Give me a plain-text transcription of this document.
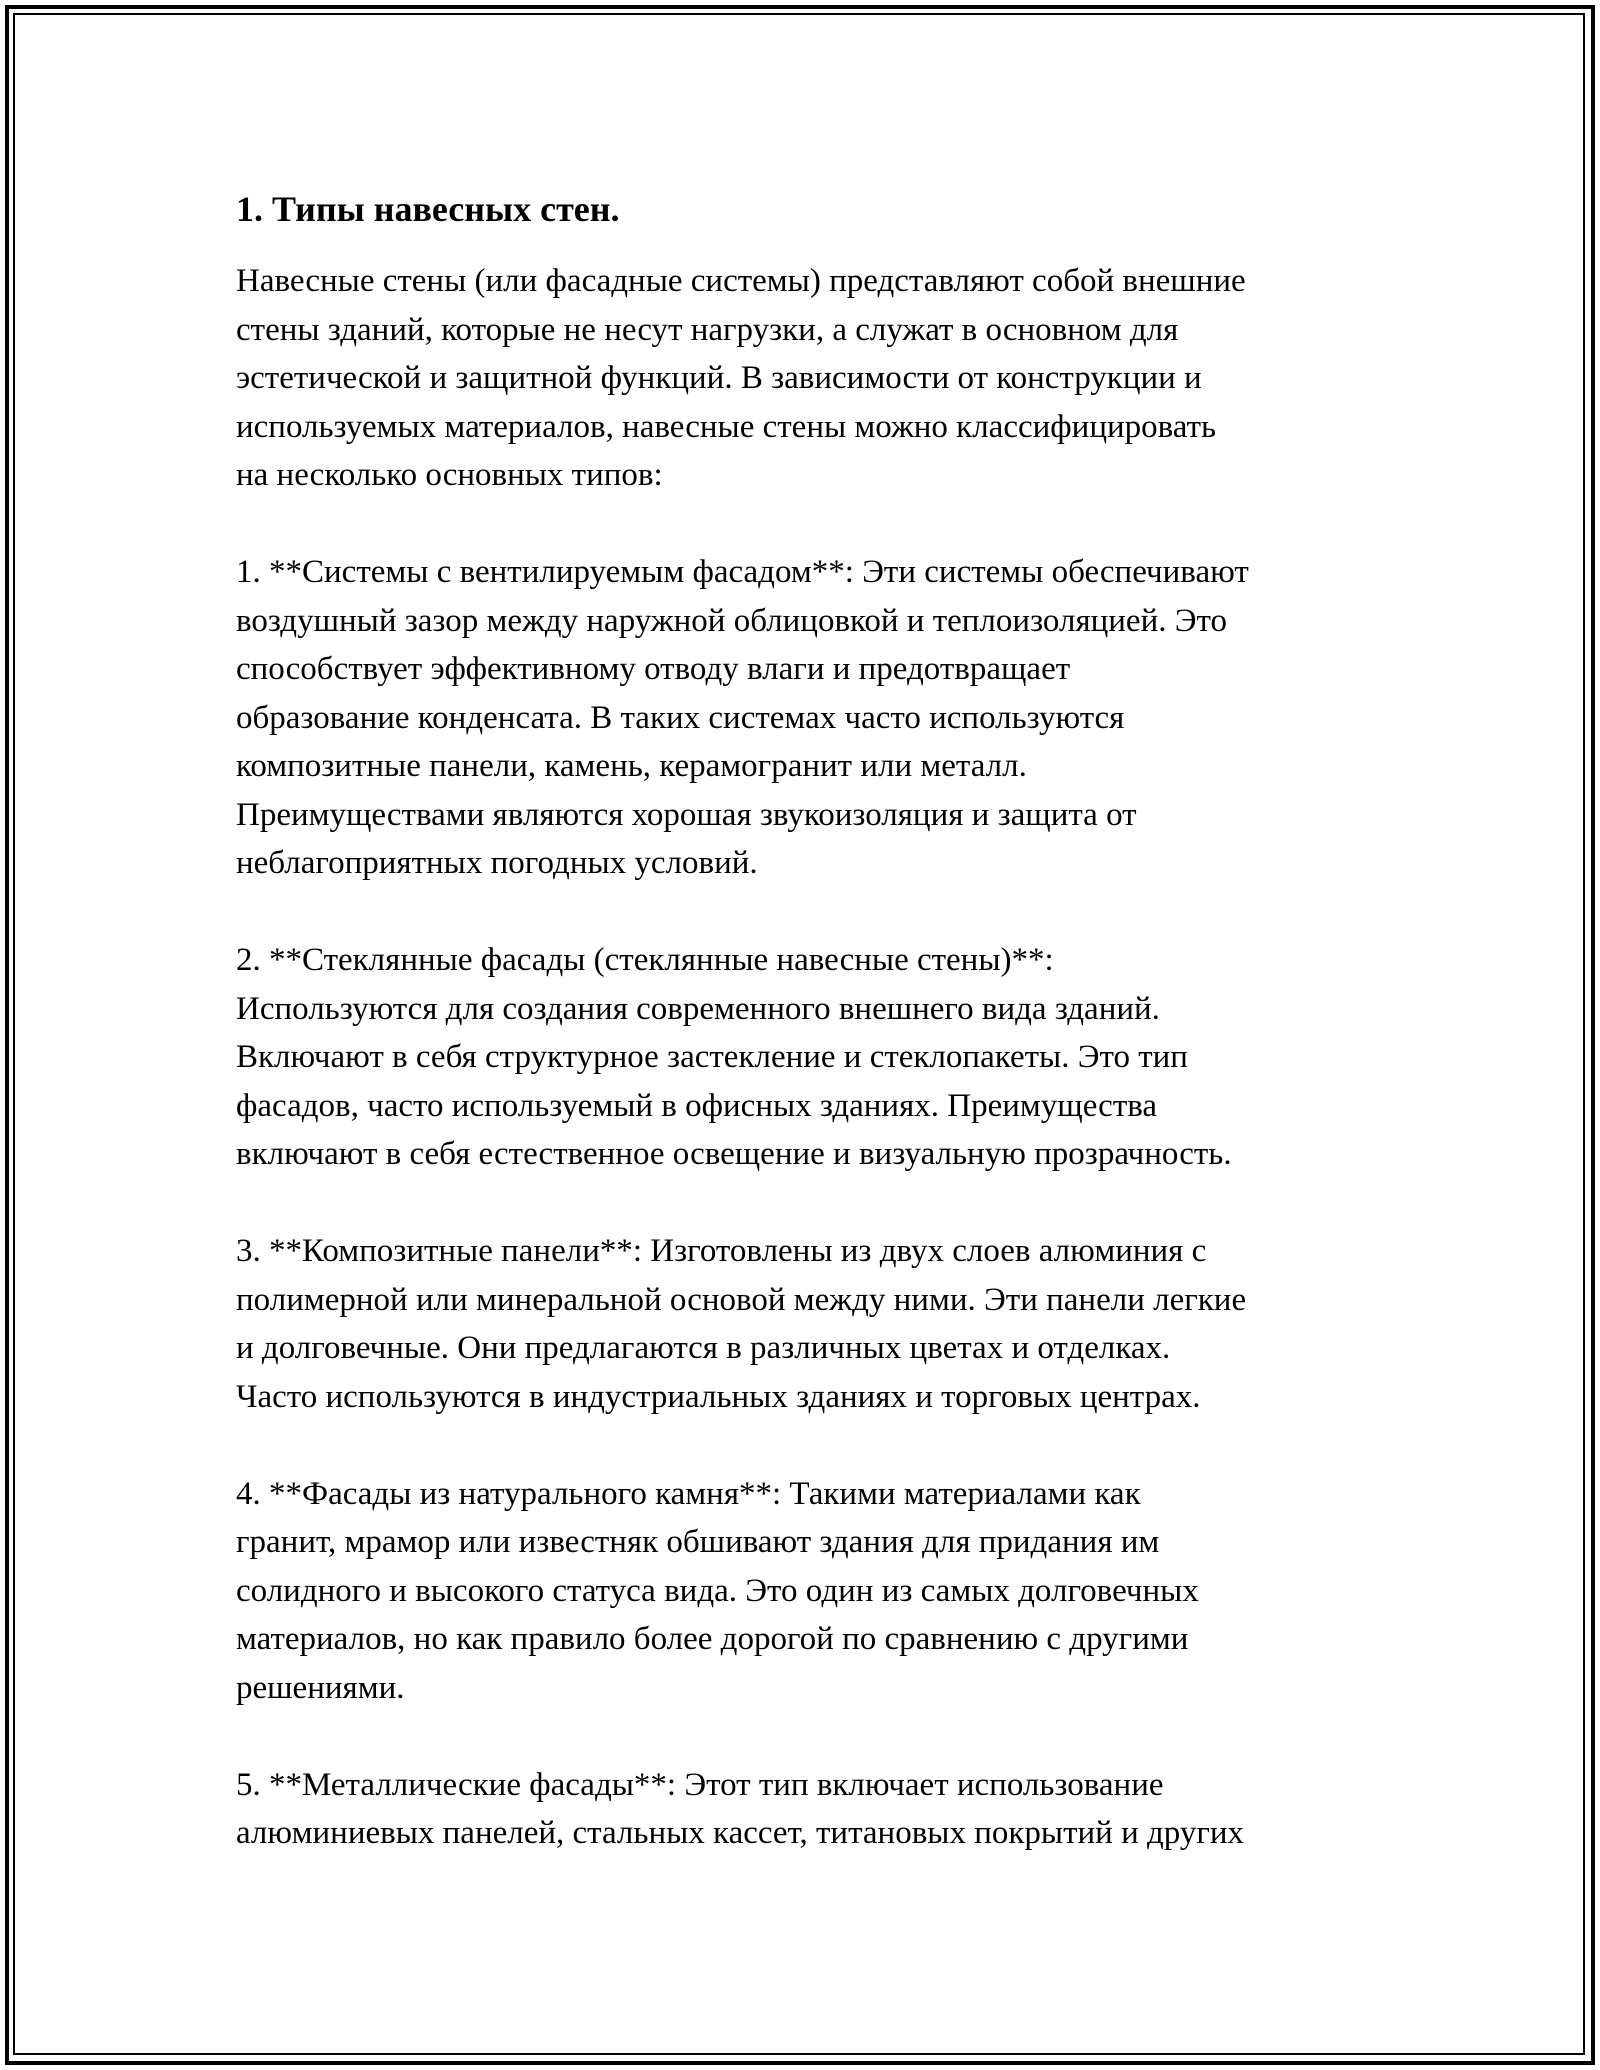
1. Типы навесных стен.

Навесные стены (или фасадные системы) представляют собой внешние
стены зданий, которые не несут нагрузки, а служат в основном для
эстетической и защитной функций. В зависимости от конструкции и
используемых материалов, навесные стены можно классифицировать
на несколько основных типов:

1. **Системы с вентилируемым фасадом**: Эти системы обеспечивают
воздушный зазор между наружной облицовкой и теплоизоляцией. Это
способствует эффективному отводу влаги и предотвращает
образование конденсата. В таких системах часто используются
композитные панели, камень, керамогранит или металл.
Преимуществами являются хорошая звукоизоляция и защита от
неблагоприятных погодных условий.

2. **Стеклянные фасады (стеклянные навесные стены)**:
Используются для создания современного внешнего вида зданий.
Включают в себя структурное застекление и стеклопакеты. Это тип
фасадов, часто используемый в офисных зданиях. Преимущества
включают в себя естественное освещение и визуальную прозрачность.

3. **Композитные панели**: Изготовлены из двух слоев алюминия с
полимерной или минеральной основой между ними. Эти панели легкие
и долговечные. Они предлагаются в различных цветах и отделках.
Часто используются в индустриальных зданиях и торговых центрах.

4. **Фасады из натурального камня**: Такими материалами как
гранит, мрамор или известняк обшивают здания для придания им
солидного и высокого статуса вида. Это один из самых долговечных
материалов, но как правило более дорогой по сравнению с другими
решениями.

5. **Металлические фасады**: Этот тип включает использование
алюминиевых панелей, стальных кассет, титановых покрытий и других
